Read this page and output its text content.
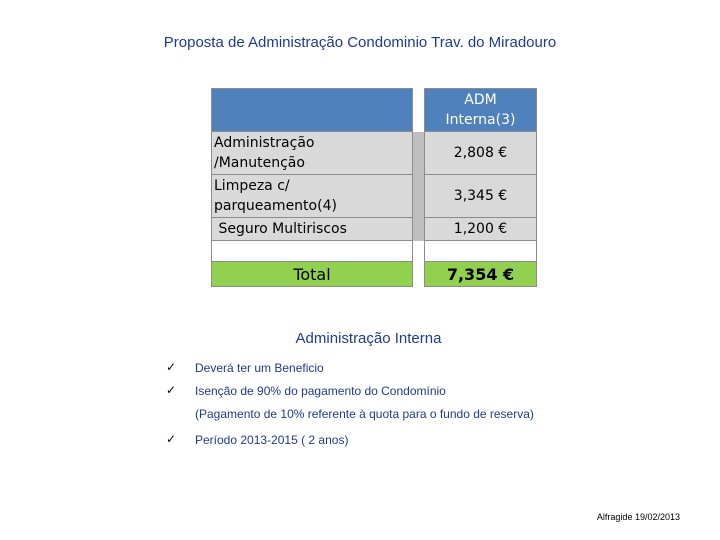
Proposta de Administração Condominio Trav. do Miradouro

		ADM
Interna(3)

Administração
/Manutenção		2,808 €

Limpeza c/
parqueamento(4)		3,345 €

Seguro Multiriscos		1,200 €

Total		7,354 €
Administração Interna
✓ Deverá ter um Beneficio
✓ Isenção de 90% do pagamento do Condomínio
(Pagamento de 10% referente à quota para o fundo de reserva)
✓ Período 2013-2015 ( 2 anos)
Alfragide 19/02/2013
